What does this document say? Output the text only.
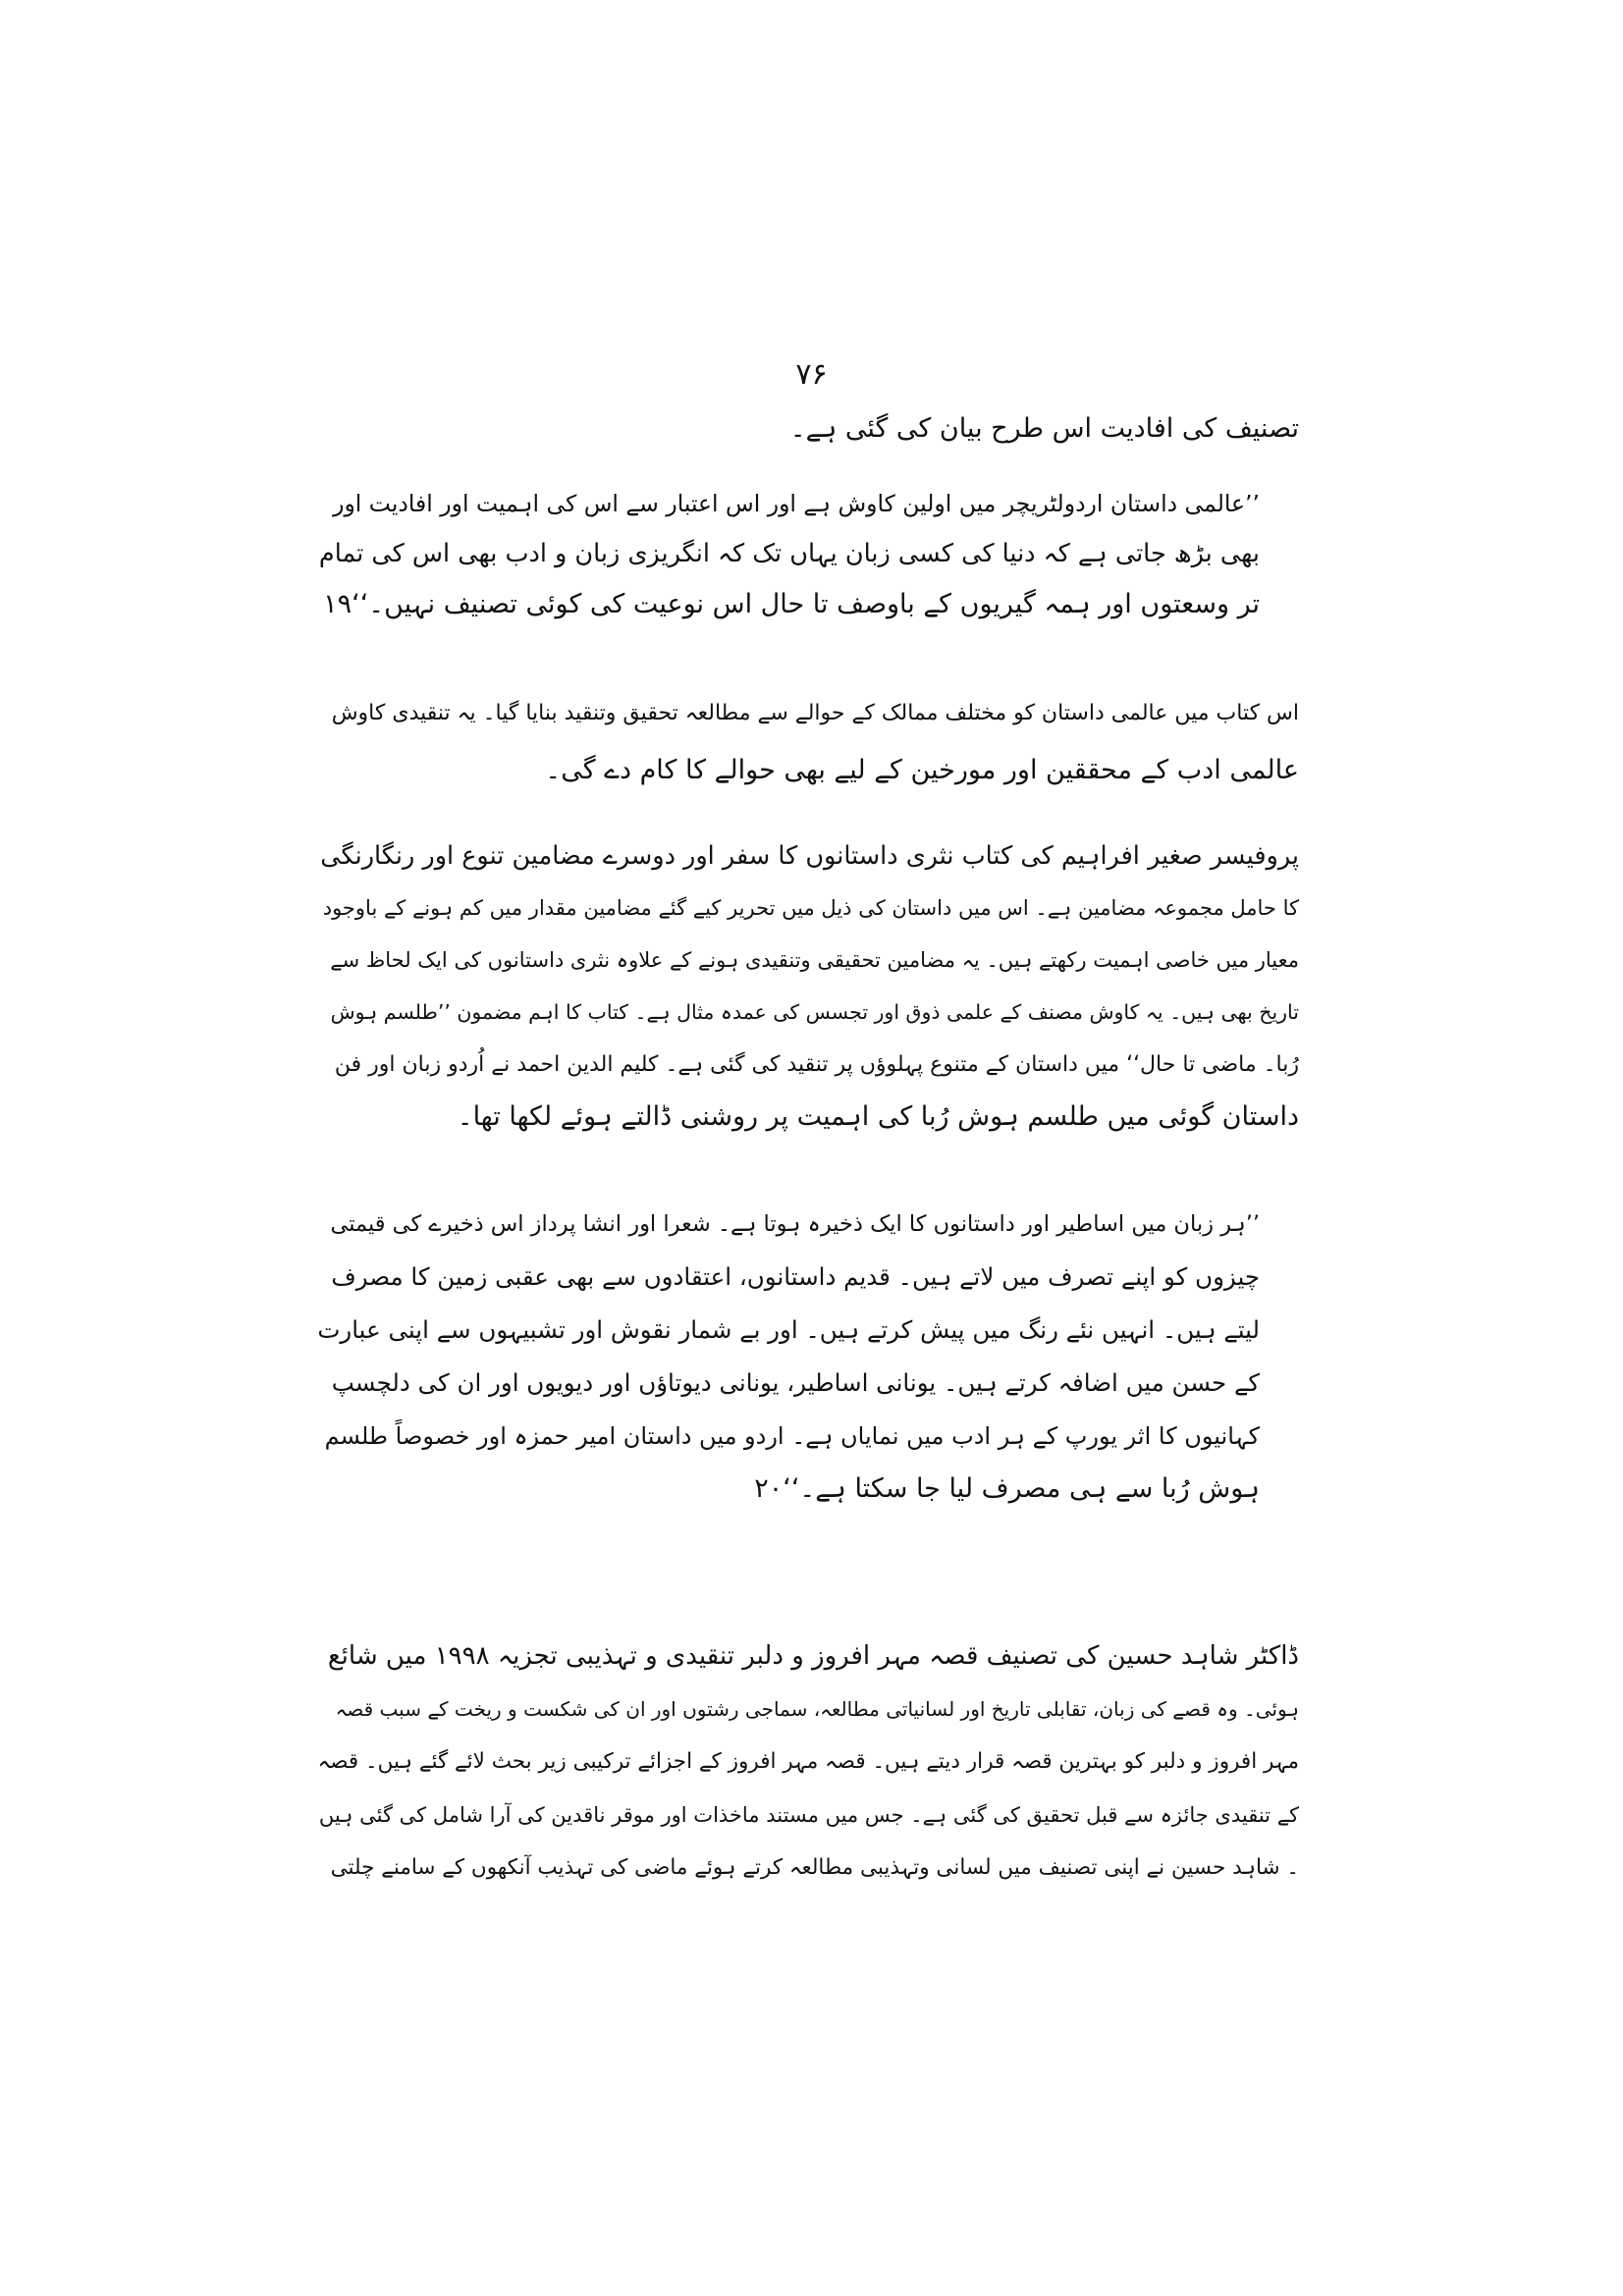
۷۶
تصنیف کی افادیت اس طرح بیان کی گئی ہے۔
’’عالمی داستان اردولٹریچر میں اولین کاوش ہے اور اس اعتبار سے اس کی اہمیت اور افادیت اور
بھی بڑھ جاتی ہے کہ دنیا کی کسی زبان یہاں تک کہ انگریزی زبان و ادب بھی اس کی تمام
تر وسعتوں اور ہمہ گیریوں کے باوصف تا حال اس نوعیت کی کوئی تصنیف نہیں۔‘‘۱۹
اس کتاب میں عالمی داستان کو مختلف ممالک کے حوالے سے مطالعہ تحقیق وتنقید بنایا گیا۔ یہ تنقیدی کاوش
عالمی ادب کے محققین اور مورخین کے لیے بھی حوالے کا کام دے گی۔
پروفیسر صغیر افراہیم کی کتاب نثری داستانوں کا سفر اور دوسرے مضامین تنوع اور رنگارنگی
کا حامل مجموعہ مضامین ہے۔ اس میں داستان کی ذیل میں تحریر کیے گئے مضامین مقدار میں کم ہونے کے باوجود
معیار میں خاصی اہمیت رکھتے ہیں۔ یہ مضامین تحقیقی وتنقیدی ہونے کے علاوہ نثری داستانوں کی ایک لحاظ سے
تاریخ بھی ہیں۔ یہ کاوش مصنف کے علمی ذوق اور تجسس کی عمدہ مثال ہے۔ کتاب کا اہم مضمون ’’طلسم ہوش
رُبا۔ ماضی تا حال‘‘ میں داستان کے متنوع پہلوؤں پر تنقید کی گئی ہے۔ کلیم الدین احمد نے اُردو زبان اور فن
داستان گوئی میں طلسم ہوش رُبا کی اہمیت پر روشنی ڈالتے ہوئے لکھا تھا۔
’’ہر زبان میں اساطیر اور داستانوں کا ایک ذخیرہ ہوتا ہے۔ شعرا اور انشا پرداز اس ذخیرے کی قیمتی
چیزوں کو اپنے تصرف میں لاتے ہیں۔ قدیم داستانوں، اعتقادوں سے بھی عقبی زمین کا مصرف
لیتے ہیں۔ انہیں نئے رنگ میں پیش کرتے ہیں۔ اور بے شمار نقوش اور تشبیہوں سے اپنی عبارت
کے حسن میں اضافہ کرتے ہیں۔ یونانی اساطیر، یونانی دیوتاؤں اور دیویوں اور ان کی دلچسپ
کہانیوں کا اثر یورپ کے ہر ادب میں نمایاں ہے۔ اردو میں داستان امیر حمزہ اور خصوصاً طلسم
ہوش رُبا سے ہی مصرف لیا جا سکتا ہے۔‘‘۲۰
ڈاکٹر شاہد حسین کی تصنیف قصہ مہر افروز و دلبر تنقیدی و تہذیبی تجزیہ ۱۹۹۸ میں شائع
ہوئی۔ وہ قصے کی زبان، تقابلی تاریخ اور لسانیاتی مطالعہ، سماجی رشتوں اور ان کی شکست و ریخت کے سبب قصہ
مہر افروز و دلبر کو بہترین قصہ قرار دیتے ہیں۔ قصہ مہر افروز کے اجزائے ترکیبی زیر بحث لائے گئے ہیں۔ قصہ
کے تنقیدی جائزہ سے قبل تحقیق کی گئی ہے۔ جس میں مستند ماخذات اور موقر ناقدین کی آرا شامل کی گئی ہیں
۔ شاہد حسین نے اپنی تصنیف میں لسانی وتہذیبی مطالعہ کرتے ہوئے ماضی کی تہذیب آنکھوں کے سامنے چلتی
